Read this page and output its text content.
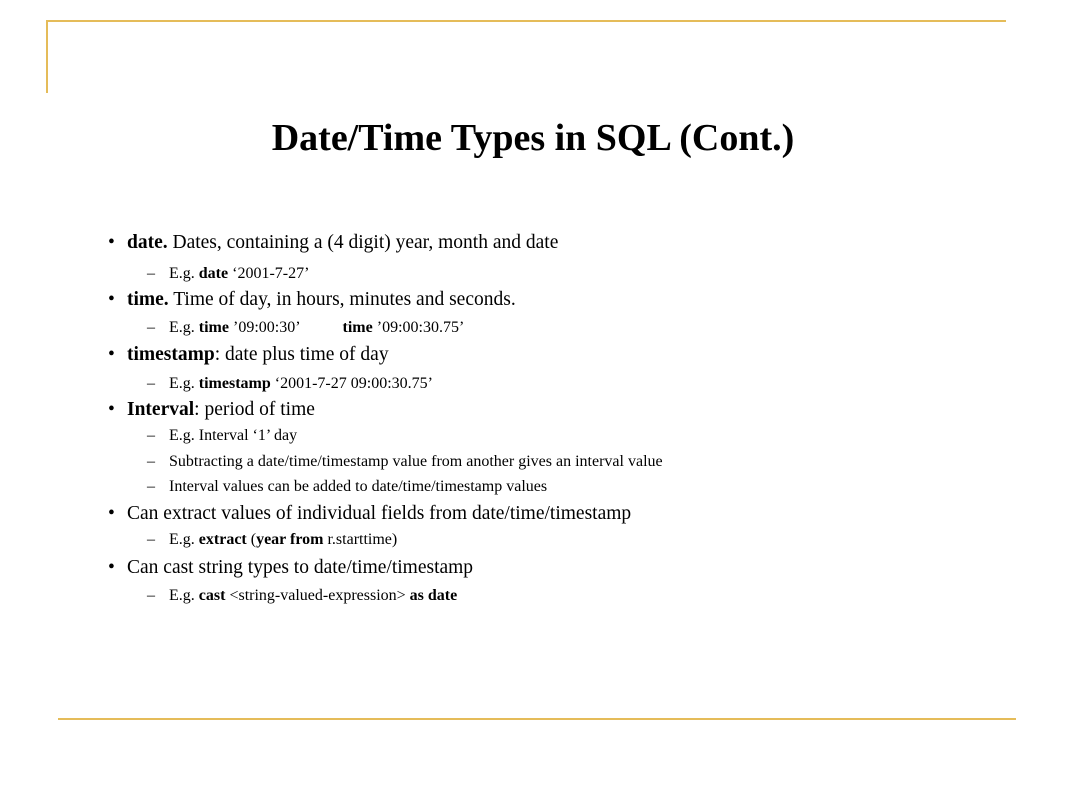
Date/Time Types in SQL (Cont.)
• date. Dates, containing a (4 digit) year, month and date
– E.g. date ‘2001-7-27’
• time. Time of day, in hours, minutes and seconds.
– E.g. time ’09:00:30’	time ’09:00:30.75’
• timestamp: date plus time of day
– E.g. timestamp ‘2001-7-27 09:00:30.75’
• Interval: period of time
– E.g. Interval ‘1’ day
– Subtracting a date/time/timestamp value from another gives an interval value
– Interval values can be added to date/time/timestamp values
• Can extract values of individual fields from date/time/timestamp
– E.g. extract (year from r.starttime)
• Can cast string types to date/time/timestamp
– E.g. cast <string-valued-expression> as date
